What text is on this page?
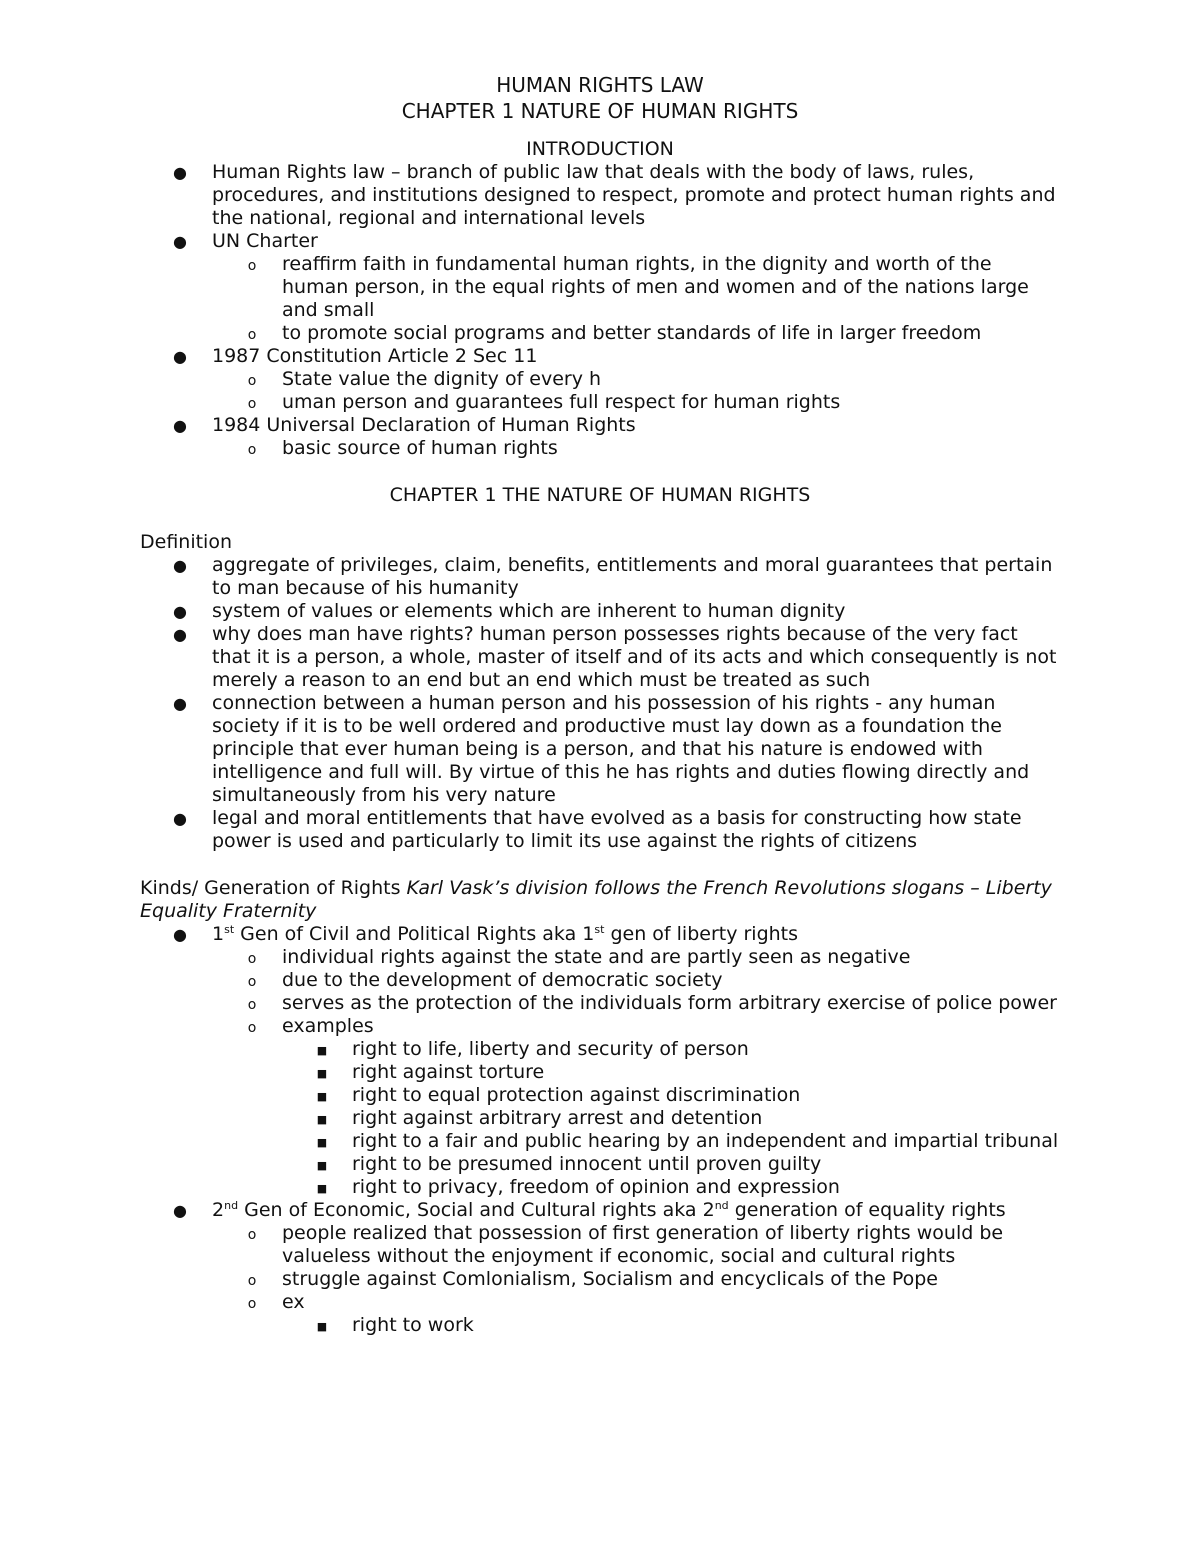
HUMAN RIGHTS LAW
CHAPTER 1 NATURE OF HUMAN RIGHTS
INTRODUCTION
● Human Rights law – branch of public law that deals with the body of laws, rules, procedures, and institutions designed to respect, promote and protect human rights and the national, regional and international levels
● UN Charter
o	reaffirm faith in fundamental human rights, in the dignity and worth of the human person, in the equal rights of men and women and of the nations large and small
o	to promote social programs and better standards of life in larger freedom
● 1987 Constitution Article 2 Sec 11
o	State value the dignity of every h
o	uman person and guarantees full respect for human rights
● 1984 Universal Declaration of Human Rights
o	basic source of human rights
CHAPTER 1 THE NATURE OF HUMAN RIGHTS
Definition
● aggregate of privileges, claim, benefits, entitlements and moral guarantees that pertain to man because of his humanity
● system of values or elements which are inherent to human dignity
● why does man have rights? human person possesses rights because of the very fact that it is a person, a whole, master of itself and of its acts and which consequently is not merely a reason to an end but an end which must be treated as such
● connection between a human person and his possession of his rights - any human society if it is to be well ordered and productive must lay down as a foundation the principle that ever human being is a person, and that his nature is endowed with intelligence and full will. By virtue of this he has rights and duties flowing directly and simultaneously from his very nature
● legal and moral entitlements that have evolved as a basis for constructing how state power is used and particularly to limit its use against the rights of citizens
Kinds/ Generation of Rights Karl Vask’s division follows the French Revolutions slogans – Liberty Equality Fraternity
● 1st Gen of Civil and Political Rights aka 1st gen of liberty rights
o	individual rights against the state and are partly seen as negative
o	due to the development of democratic society
o	serves as the protection of the individuals form arbitrary exercise of police power
o	examples
■ right to life, liberty and security of person
■ right against torture
■ right to equal protection against discrimination
■ right against arbitrary arrest and detention
■ right to a fair and public hearing by an independent and impartial tribunal
■ right to be presumed innocent until proven guilty
■ right to privacy, freedom of opinion and expression
● 2nd Gen of Economic, Social and Cultural rights aka 2nd generation of equality rights
o	people realized that possession of first generation of liberty rights would be valueless without the enjoyment if economic, social and cultural rights
o	struggle against Comlonialism, Socialism and encyclicals of the Pope
o	ex
■ right to work
